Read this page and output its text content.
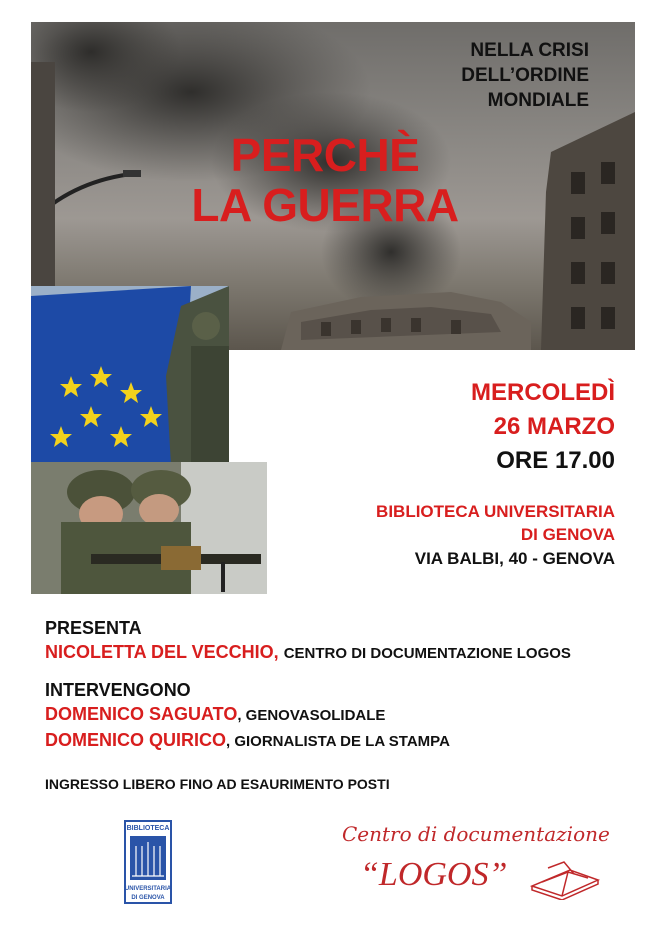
NELLA CRISI
DELL’ORDINE
MONDIALE
PERCHÈ
LA GUERRA
MERCOLEDÌ
26 MARZO
ORE 17.00
BIBLIOTECA UNIVERSITARIA
DI GENOVA
VIA BALBI, 40 - GENOVA
PRESENTA
NICOLETTA DEL VECCHIO, CENTRO DI DOCUMENTAZIONE LOGOS
INTERVENGONO
DOMENICO SAGUATO, GENOVASOLIDALE
DOMENICO QUIRICO, GIORNALISTA DE LA STAMPA
INGRESSO LIBERO FINO AD ESAURIMENTO POSTI
BIBLIOTECA
UNIVERSITARIA
DI GENOVA
Centro di documentazione
“LOGOS”
